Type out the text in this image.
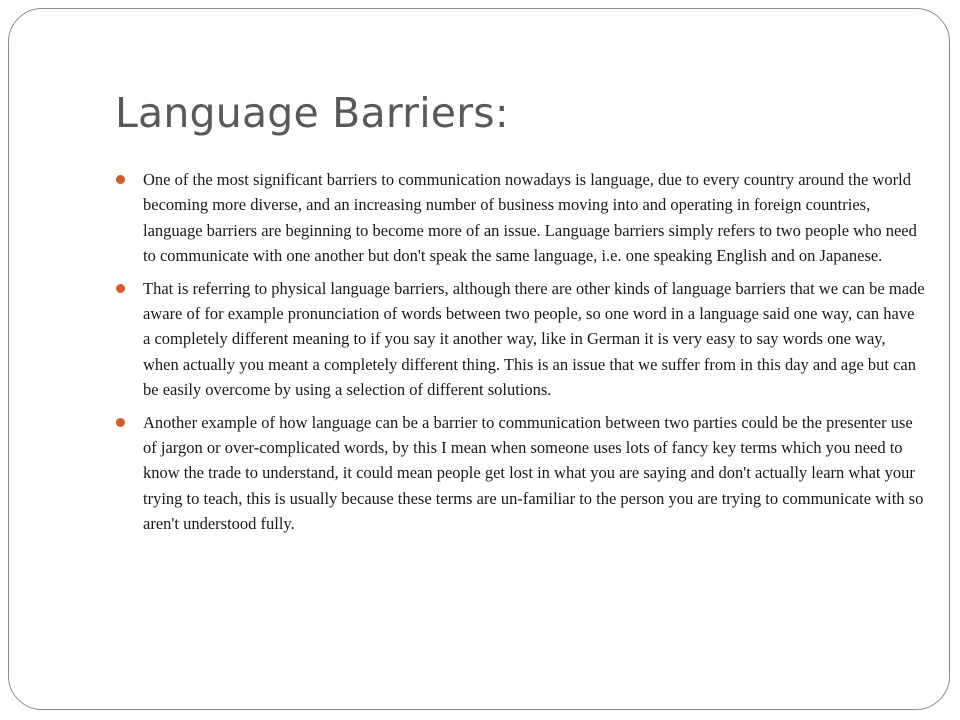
Language Barriers:
One of the most significant barriers to communication nowadays is language, due to every country around the world becoming more diverse, and an increasing number of business moving into and operating in foreign countries, language barriers are beginning to become more of an issue. Language barriers simply refers to two people who need to communicate with one another but don't speak the same language, i.e. one speaking English and on Japanese.
That is referring to physical language barriers, although there are other kinds of language barriers that we can be made aware of for example pronunciation of words between two people, so one word in a language said one way, can have a completely different meaning to if you say it another way, like in German it is very easy to say words one way, when actually you meant a completely different thing. This is an issue that we suffer from in this day and age but can be easily overcome by using a selection of different solutions.
Another example of how language can be a barrier to communication between two parties could be the presenter use of jargon or over-complicated words, by this I mean when someone uses lots of fancy key terms which you need to know the trade to understand, it could mean people get lost in what you are saying and don't actually learn what your trying to teach, this is usually because these terms are un-familiar to the person you are trying to communicate with so aren't understood fully.
